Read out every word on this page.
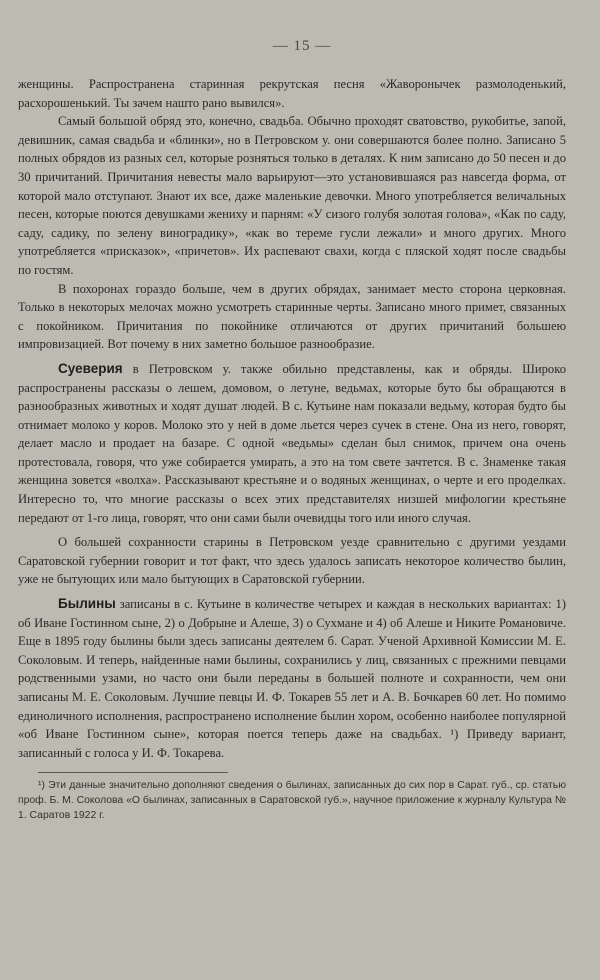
— 15 —

женщины. Распространена старинная рекрутская песня «Жаворонычек размолоденький, расхорошенький. Ты зачем нашто рано вывился».

Самый большой обряд это, конечно, свадьба. Обычно проходят сватовство, рукобитье, запой, девишник, самая свадьба и «блинки», но в Петровском у. они совершаются более полно. Записано 5 полных обрядов из разных сел, которые розняться только в деталях. К ним записано до 50 песен и до 30 причитаний. Причитания невесты мало варьируют—это установившаяся раз навсегда форма, от которой мало отступают. Знают их все, даже маленькие девочки. Много употребляется величальных песен, которые поются девушками жениху и парням: «У сизого голубя золотая голова», «Как по саду, саду, садику, по зелену виноградику», «как во тереме гусли лежали» и много других. Много употребляется «присказок», «причетов». Их распевают свахи, когда с пляской ходят после свадьбы по гостям.

В похоронах гораздо больше, чем в других обрядах, занимает место сторона церковная. Только в некоторых мелочах можно усмотреть старинные черты. Записано много примет, связанных с покойником. Причитания по покойнике отличаются от других причитаний большею импровизацией. Вот почему в них заметно большое разнообразие.

Суеверия в Петровском у. также обильно представлены, как и обряды. Широко распространены рассказы о лешем, домовом, о летуне, ведьмах, которые буто бы обращаются в разнообразных животных и ходят душат людей. В с. Кутьине нам показали ведьму, которая будто бы отнимает молоко у коров. Молоко это у ней в доме льется через сучек в стене. Она из него, говорят, делает масло и продает на базаре. С одной «ведьмы» сделан был снимок, причем она очень протестовала, говоря, что уже собирается умирать, а это на том свете зачтется. В с. Знаменке такая женщина зовется «волха». Рассказывают крестьяне и о водяных женщинах, о черте и его проделках. Интересно то, что многие рассказы о всех этих представителях низшей мифологии крестьяне передают от 1-го лица, говорят, что они сами были очевидцы того или иного случая.

О большей сохранности старины в Петровском уезде сравнительно с другими уездами Саратовской губернии говорит и тот факт, что здесь удалось записать некоторое количество былин, уже не бытующих или мало бытующих в Саратовской губернии.

Былины записаны в с. Кутьине в количестве четырех и каждая в нескольких вариантах: 1) об Иване Гостинном сыне, 2) о Добрыне и Алеше, 3) о Сухмане и 4) об Алеше и Никите Романовиче. Еще в 1895 году былины были здесь записаны деятелем б. Сарат. Ученой Архивной Комиссии М. Е. Соколовым. И теперь, найденные нами былины, сохранились у лиц, связанных с прежними певцами родственными узами, но часто они были переданы в большей полноте и сохранности, чем они записаны М. Е. Соколовым. Лучшие певцы И. Ф. Токарев 55 лет и А. В. Бочкарев 60 лет. Но помимо единоличного исполнения, распространено исполнение былин хором, особенно наиболее популярной «об Иване Гостинном сыне», которая поется теперь даже на свадьбах. ¹) Приведу вариант, записанный с голоса у И. Ф. Токарева.

¹) Эти данные значительно дополняют сведения о былинах, записанных до сих пор в Сарат. губ., ср. статью проф. Б. М. Соколова «О былинах, записанных в Саратовской губ.», научное приложение к журналу Культура № 1. Саратов 1922 г.
